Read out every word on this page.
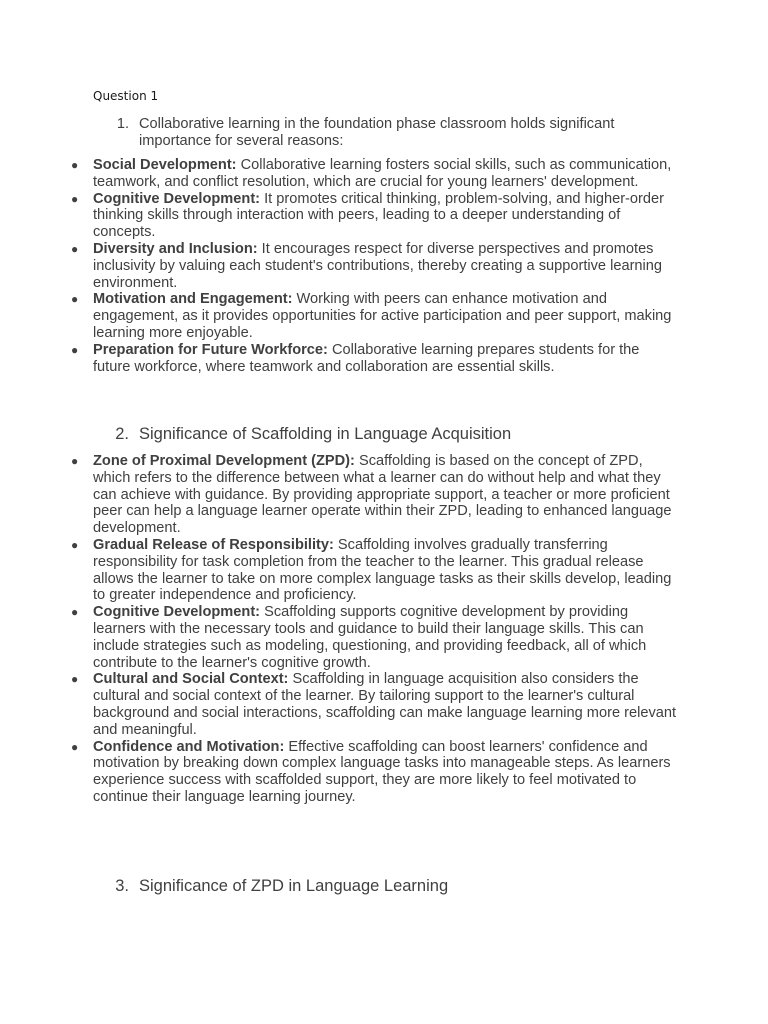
Question 1
1. Collaborative learning in the foundation phase classroom holds significant importance for several reasons:
● Social Development: Collaborative learning fosters social skills, such as communication, teamwork, and conflict resolution, which are crucial for young learners' development.
● Cognitive Development: It promotes critical thinking, problem-solving, and higher-order thinking skills through interaction with peers, leading to a deeper understanding of concepts.
● Diversity and Inclusion: It encourages respect for diverse perspectives and promotes inclusivity by valuing each student's contributions, thereby creating a supportive learning environment.
● Motivation and Engagement: Working with peers can enhance motivation and engagement, as it provides opportunities for active participation and peer support, making learning more enjoyable.
● Preparation for Future Workforce: Collaborative learning prepares students for the future workforce, where teamwork and collaboration are essential skills.
2. Significance of Scaffolding in Language Acquisition
● Zone of Proximal Development (ZPD): Scaffolding is based on the concept of ZPD, which refers to the difference between what a learner can do without help and what they can achieve with guidance. By providing appropriate support, a teacher or more proficient peer can help a language learner operate within their ZPD, leading to enhanced language development.
● Gradual Release of Responsibility: Scaffolding involves gradually transferring responsibility for task completion from the teacher to the learner. This gradual release allows the learner to take on more complex language tasks as their skills develop, leading to greater independence and proficiency.
● Cognitive Development: Scaffolding supports cognitive development by providing learners with the necessary tools and guidance to build their language skills. This can include strategies such as modeling, questioning, and providing feedback, all of which contribute to the learner's cognitive growth.
● Cultural and Social Context: Scaffolding in language acquisition also considers the cultural and social context of the learner. By tailoring support to the learner's cultural background and social interactions, scaffolding can make language learning more relevant and meaningful.
● Confidence and Motivation: Effective scaffolding can boost learners' confidence and motivation by breaking down complex language tasks into manageable steps. As learners experience success with scaffolded support, they are more likely to feel motivated to continue their language learning journey.
3. Significance of ZPD in Language Learning
